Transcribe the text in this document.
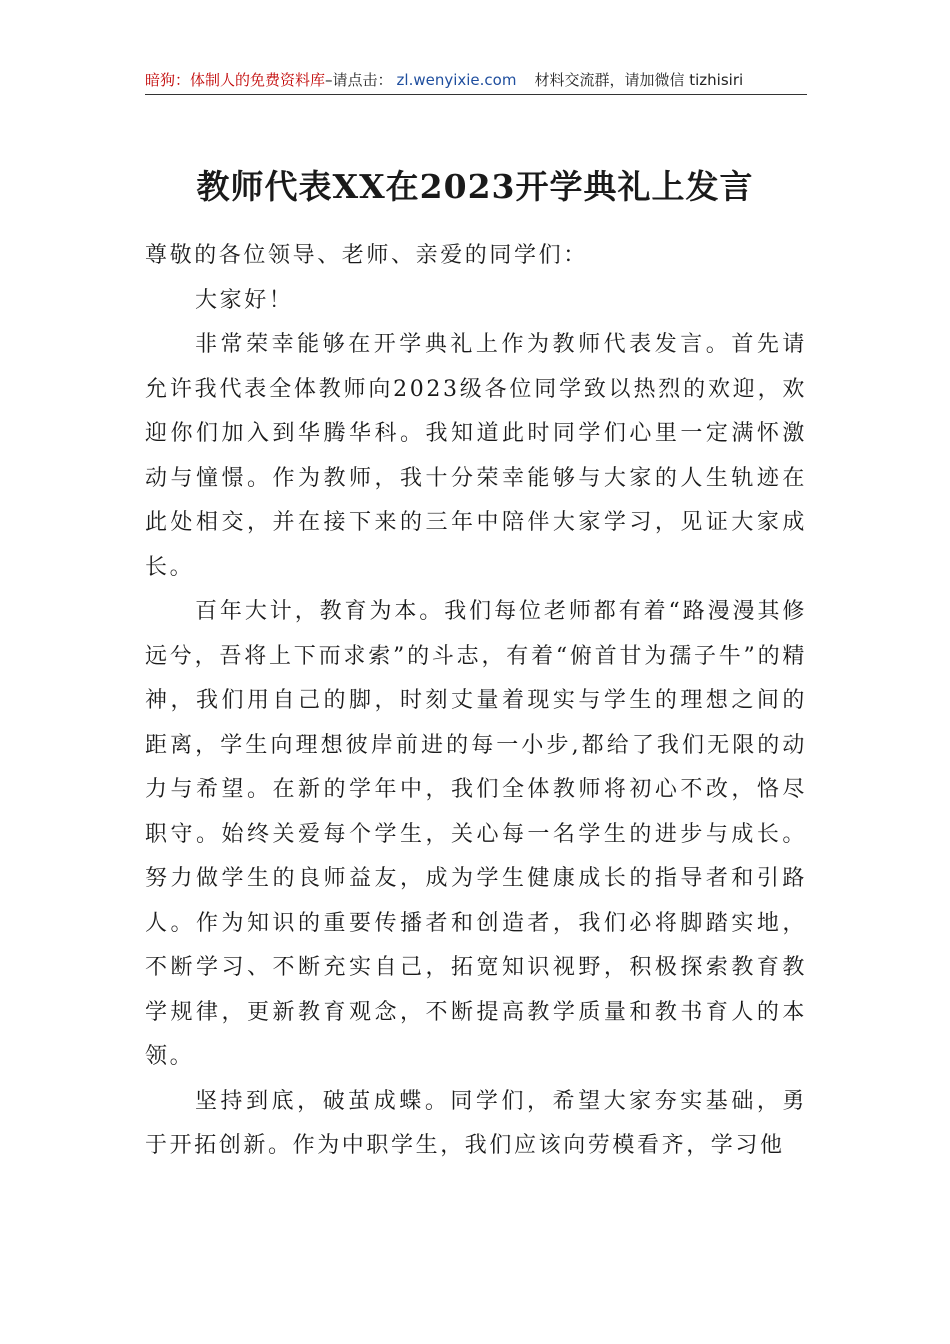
暗狗：体制人的免费资料库–请点击： zl.wenyixie.com 材料交流群，请加微信 tizhisiri
教师代表XX在2023开学典礼上发言

尊敬的各位领导、老师、亲爱的同学们：

大家好！

非常荣幸能够在开学典礼上作为教师代表发言。首先请允许我代表全体教师向2023级各位同学致以热烈的欢迎，欢迎你们加入到华腾华科。我知道此时同学们心里一定满怀激动与憧憬。作为教师，我十分荣幸能够与大家的人生轨迹在此处相交，并在接下来的三年中陪伴大家学习，见证大家成长。

百年大计，教育为本。我们每位老师都有着“路漫漫其修远兮，吾将上下而求索”的斗志，有着“俯首甘为孺子牛”的精神，我们用自己的脚，时刻丈量着现实与学生的理想之间的距离，学生向理想彼岸前进的每一小步,都给了我们无限的动力与希望。在新的学年中，我们全体教师将初心不改，恪尽职守。始终关爱每个学生，关心每一名学生的进步与成长。努力做学生的良师益友，成为学生健康成长的指导者和引路人。作为知识的重要传播者和创造者，我们必将脚踏实地，不断学习、不断充实自己，拓宽知识视野，积极探索教育教学规律，更新教育观念，不断提高教学质量和教书育人的本领。

坚持到底，破茧成蝶。同学们，希望大家夯实基础，勇于开拓创新。作为中职学生，我们应该向劳模看齐，学习他
